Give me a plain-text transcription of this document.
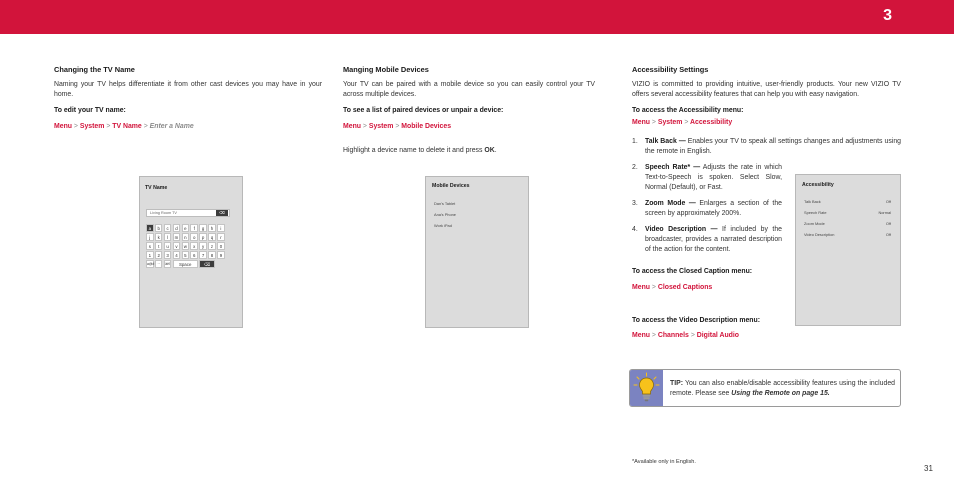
3
Changing the TV Name

Naming your TV helps differentiate it from other cast devices you may have in your home.

To edit your TV name:

Menu > System > TV Name > Enter a Name

TV Name
Living Room TV	⌫
a	b	c	d	e	f	g	h	i
j	k	l	m	n	o	p	q	r
s	t	u	v	w	x	y	z	0
1	2	3	4	5	6	7	8	9
a@# ··	äëï	Space	⌫
Manging Mobile Devices

Your TV can be paired with a mobile device so you can easily control your TV across multiple devices.

To see a list of paired devices or unpair a device:

Menu > System > Mobile Devices

Highlight a device name to delete it and press OK.

Mobile Devices
Dan's Tablet
Ana's Phone
Work iPad
Accessibility Settings

VIZIO is committed to providing intuitive, user-friendly products. Your new VIZIO TV offers several accessibility features that can help you with easy navigation.

To access the Accessibility menu:

Menu > System > Accessibility

1. Talk Back — Enables your TV to speak all settings changes and adjustments using the remote in English.
2. Speech Rate* — Adjusts the rate in which Text-to-Speech is spoken. Select Slow, Normal (Default), or Fast.
3. Zoom Mode — Enlarges a section of the screen by approximately 200%.
4. Video Description — If included by the broadcaster, provides a narrated description of the action for the content.

To access the Closed Caption menu:

Menu > Closed Captions

To access the Video Description menu:

Menu > Channels > Digital Audio

Accessibility
Talk Back	Off
Speech Rate	Normal
Zoom Mode	Off
Video Description	Off

TIP: You can also enable/disable accessibility features using the included remote. Please see Using the Remote on page 15.

*Available only in English.
31
